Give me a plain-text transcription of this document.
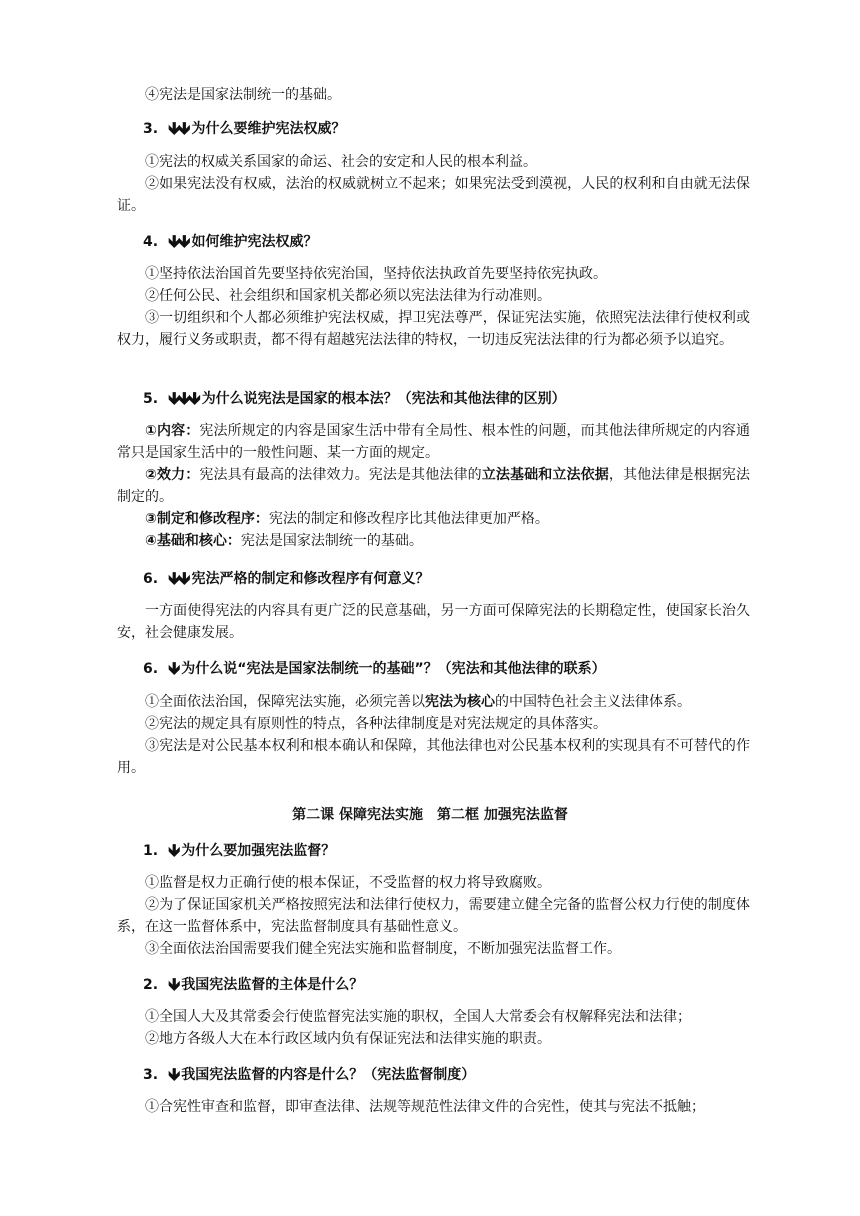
④宪法是国家法制统一的基础。

3. 🡻🡻 为什么要维护宪法权威？

①宪法的权威关系国家的命运、社会的安定和人民的根本利益。

②如果宪法没有权威，法治的权威就树立不起来；如果宪法受到漠视，人民的权利和自由就无法保证。

4. 🡻🡻 如何维护宪法权威？

①坚持依法治国首先要坚持依宪治国，坚持依法执政首先要坚持依宪执政。

②任何公民、社会组织和国家机关都必须以宪法法律为行动准则。

③一切组织和个人都必须维护宪法权威，捍卫宪法尊严，保证宪法实施，依照宪法法律行使权利或权力，履行义务或职责，都不得有超越宪法法律的特权，一切违反宪法法律的行为都必须予以追究。

5. 🡻🡻🡻 为什么说宪法是国家的根本法？（宪法和其他法律的区别）

①内容：宪法所规定的内容是国家生活中带有全局性、根本性的问题，而其他法律所规定的内容通常只是国家生活中的一般性问题、某一方面的规定。

②效力：宪法具有最高的法律效力。宪法是其他法律的立法基础和立法依据，其他法律是根据宪法制定的。

③制定和修改程序：宪法的制定和修改程序比其他法律更加严格。

④基础和核心：宪法是国家法制统一的基础。

6. 🡻🡻 宪法严格的制定和修改程序有何意义？

一方面使得宪法的内容具有更广泛的民意基础，另一方面可保障宪法的长期稳定性，使国家长治久安，社会健康发展。

6. 🡻 为什么说“宪法是国家法制统一的基础”？（宪法和其他法律的联系）

①全面依法治国，保障宪法实施，必须完善以宪法为核心的中国特色社会主义法律体系。

②宪法的规定具有原则性的特点，各种法律制度是对宪法规定的具体落实。

③宪法是对公民基本权利和根本确认和保障，其他法律也对公民基本权利的实现具有不可替代的作用。

第二课 保障宪法实施　第二框 加强宪法监督
1. 🡻 为什么要加强宪法监督？

①监督是权力正确行使的根本保证，不受监督的权力将导致腐败。

②为了保证国家机关严格按照宪法和法律行使权力，需要建立健全完备的监督公权力行使的制度体系，在这一监督体系中，宪法监督制度具有基础性意义。

③全面依法治国需要我们健全宪法实施和监督制度，不断加强宪法监督工作。

2. 🡻 我国宪法监督的主体是什么？

①全国人大及其常委会行使监督宪法实施的职权，全国人大常委会有权解释宪法和法律；

②地方各级人大在本行政区域内负有保证宪法和法律实施的职责。

3. 🡻 我国宪法监督的内容是什么？（宪法监督制度）

①合宪性审查和监督，即审查法律、法规等规范性法律文件的合宪性，使其与宪法不抵触；
